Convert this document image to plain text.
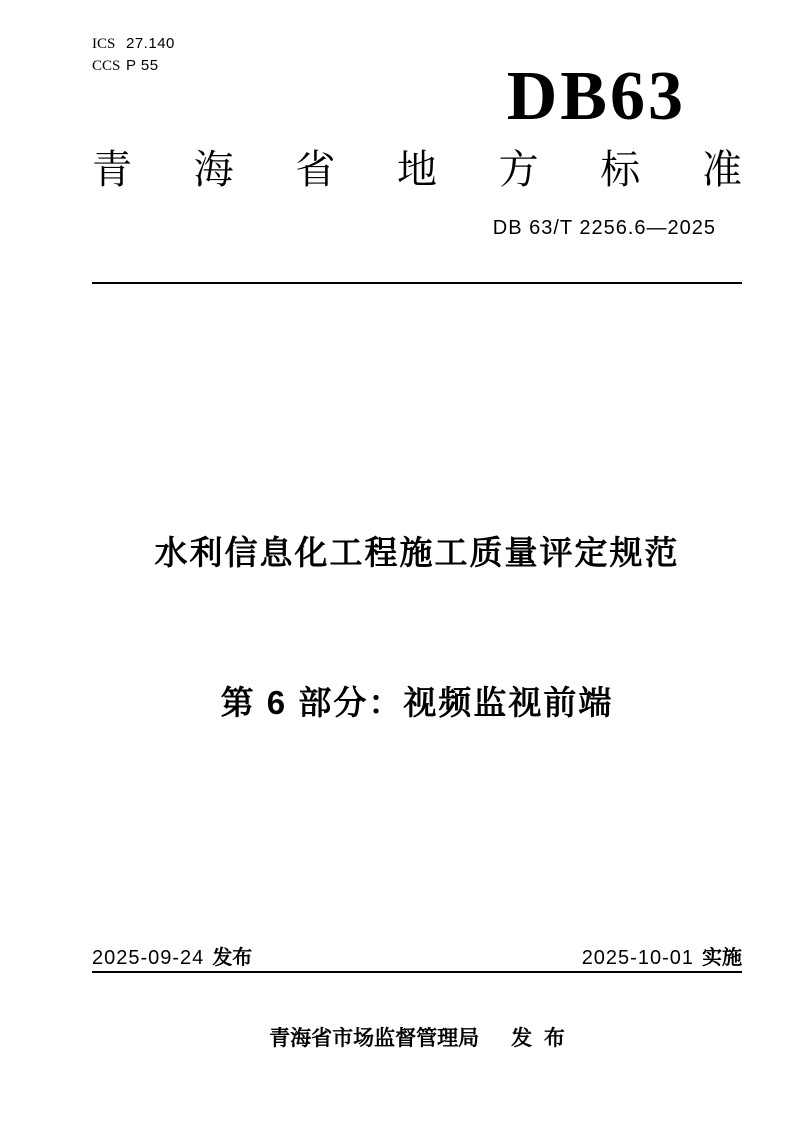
ICS 27.140
CCS P 55	DB63
青 海 省 地 方 标 准
DB 63/T 2256.6—2025

水利信息化工程施工质量评定规范

第 6 部分：视频监视前端

2025-09-24 发布	2025-10-01 实施
青海省市场监督管理局 发  布
